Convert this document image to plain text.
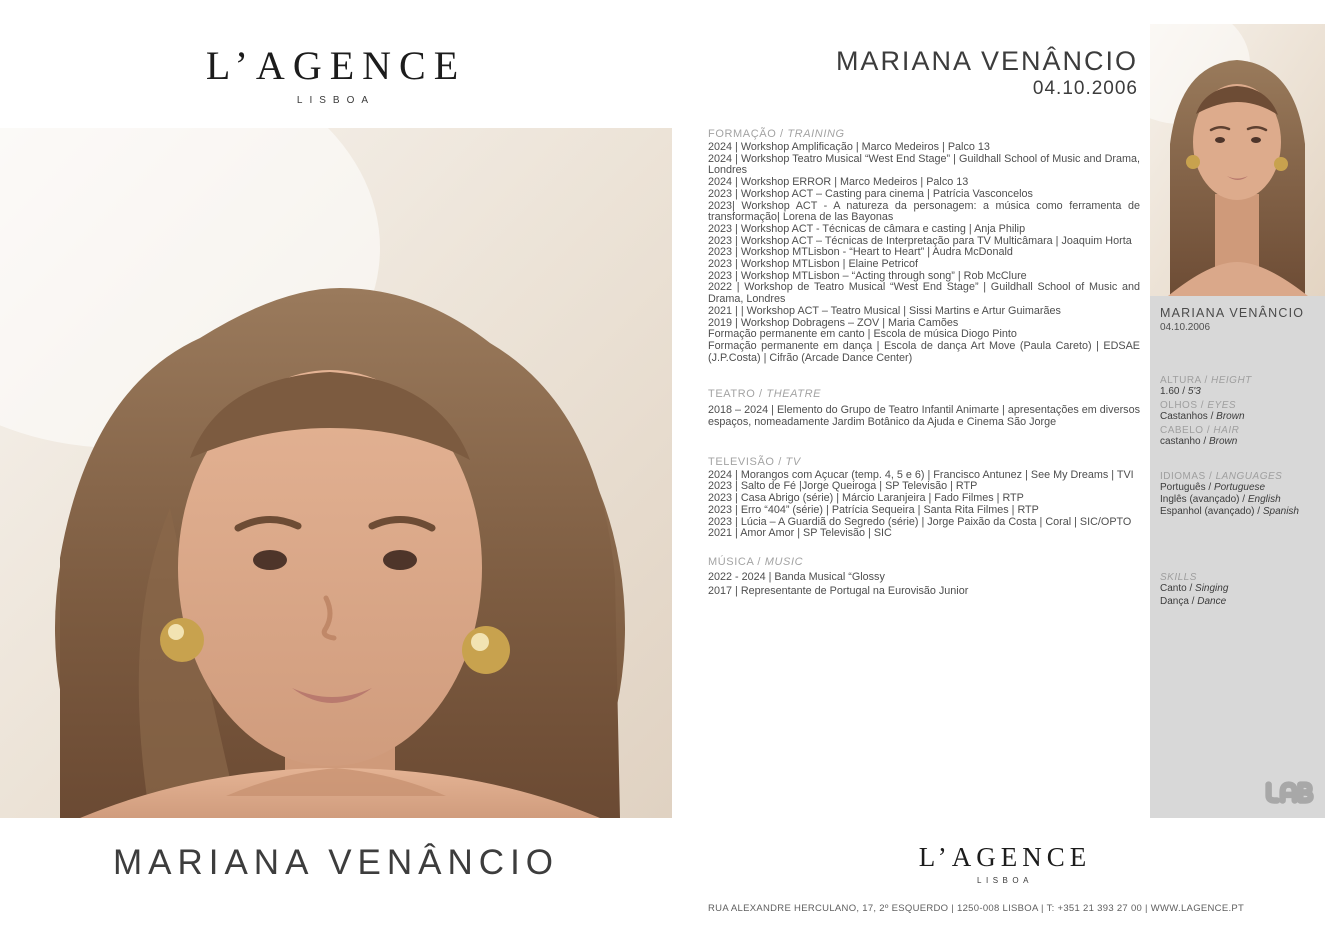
L’AGENCE
LISBOA
MARIANA VENÂNCIO
MARIANA VENÂNCIO
04.10.2006
FORMAÇÃO / TRAINING

2024 | Workshop Amplificação | Marco Medeiros | Palco 13

2024 | Workshop Teatro Musical “West End Stage” | Guildhall School of Music and Drama, Londres

2024 | Workshop ERROR | Marco Medeiros | Palco 13

2023 | Workshop ACT – Casting para cinema | Patrícia Vasconcelos

2023| Workshop ACT - A natureza da personagem: a música como ferramenta de transformação| Lorena de las Bayonas

2023 | Workshop ACT - Técnicas de câmara e casting | Anja Philip

2023 | Workshop ACT – Técnicas de Interpretação para TV Multicâmara | Joaquim Horta

2023 | Workshop MTLisbon - “Heart to Heart” | Audra McDonald

2023 | Workshop MTLisbon | Elaine Petricof

2023 | Workshop MTLisbon – “Acting through song” | Rob McClure

2022 | Workshop de Teatro Musical “West End Stage” | Guildhall School of Music and Drama, Londres

2021 | | Workshop ACT – Teatro Musical | Sissi Martins e Artur Guimarães

2019 | Workshop Dobragens – ZOV | Maria Camões

Formação permanente em canto | Escola de música Diogo Pinto

Formação permanente em dança | Escola de dança Art Move (Paula Careto) | EDSAE (J.P.Costa) | Cifrão (Arcade Dance Center)

TEATRO / THEATRE

2018 – 2024 | Elemento do Grupo de Teatro Infantil Animarte | apresentações em diversos espaços, nomeadamente Jardim Botânico da Ajuda e Cinema São Jorge

TELEVISÃO / TV

2024 | Morangos com Açucar (temp. 4, 5 e 6) | Francisco Antunez | See My Dreams | TVI

2023 | Salto de Fé |Jorge Queiroga | SP Televisão | RTP

2023 | Casa Abrigo (série) | Márcio Laranjeira | Fado Filmes | RTP

2023 | Erro “404” (série) | Patrícia Sequeira | Santa Rita Filmes | RTP

2023 | Lúcia – A Guardiã do Segredo (série) | Jorge Paixão da Costa | Coral | SIC/OPTO

2021 | Amor Amor | SP Televisão | SIC

MÚSICA / MUSIC

2022 - 2024 | Banda Musical “Glossy

2017 | Representante de Portugal na Eurovisão Junior

MARIANA VENÂNCIO
04.10.2006
ALTURA / HEIGHT
1.60 / 5'3
OLHOS / EYES
Castanhos / Brown
CABELO / HAIR
castanho / Brown
IDIOMAS / LANGUAGES
Português / Portuguese
Inglês (avançado) / English
Espanhol (avançado) / Spanish
SKILLS
Canto / Singing
Dança / Dance
L’AGENCE
LISBOA
RUA ALEXANDRE HERCULANO, 17, 2º ESQUERDO | 1250-008 LISBOA | T: +351 21 393 27 00 | WWW.LAGENCE.PT
